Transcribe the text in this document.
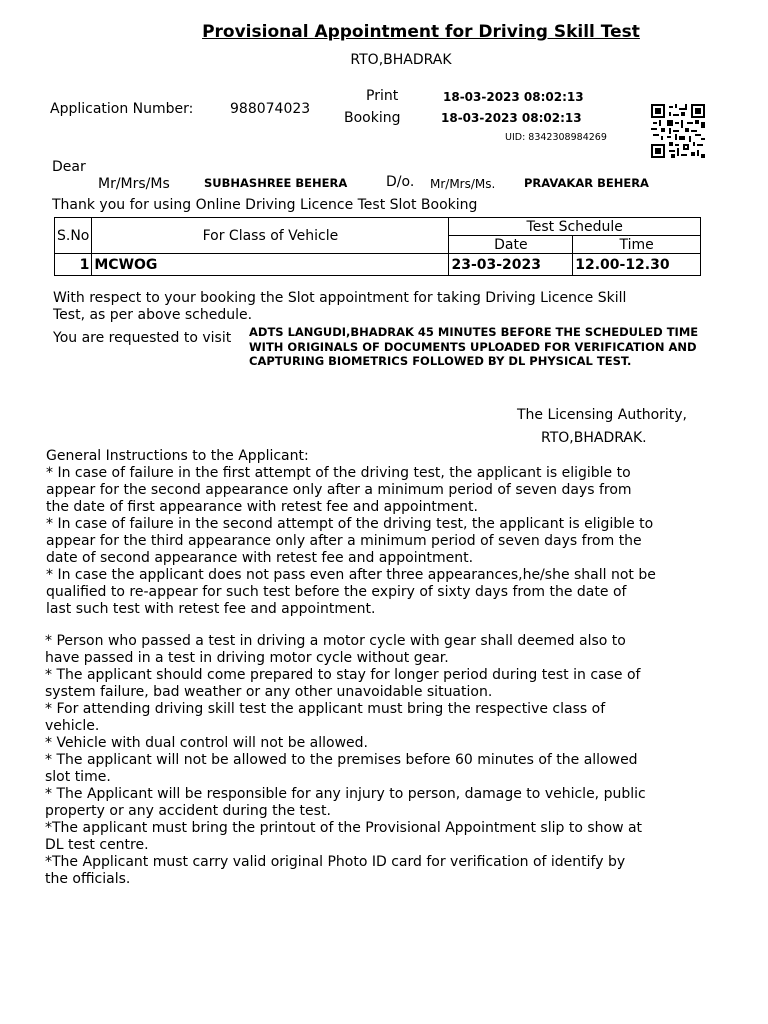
Provisional Appointment for Driving Skill Test
RTO,BHADRAK
Application Number:	988074023
Print	18-03-2023 08:02:13
Booking	18-03-2023 08:02:13
UID: 8342308984269
Dear
Mr/Mrs/Ms	SUBHASHREE BEHERA	D/o. Mr/Mrs/Ms. PRAVAKAR BEHERA
Thank you for using Online Driving Licence Test Slot Booking
S.No	For Class of Vehicle	Test Schedule	
		Date	Time
1	MCWOG	23-03-2023	12.00-12.30
With respect to your booking the Slot appointment for taking Driving Licence Skill
Test, as per above schedule.
You are requested to visit ADTS LANGUDI,BHADRAK 45 MINUTES BEFORE THE SCHEDULED TIME WITH ORIGINALS OF DOCUMENTS UPLOADED FOR VERIFICATION AND CAPTURING BIOMETRICS FOLLOWED BY DL PHYSICAL TEST.
The Licensing Authority,
RTO,BHADRAK.
General Instructions to the Applicant:
* In case of failure in the first attempt of the driving test, the applicant is eligible to
appear for the second appearance only after a minimum period of seven days from
the date of first appearance with retest fee and appointment.
* In case of failure in the second attempt of the driving test, the applicant is eligible to
appear for the third appearance only after a minimum period of seven days from the
date of second appearance with retest fee and appointment.
* In case the applicant does not pass even after three appearances,he/she shall not be
qualified to re-appear for such test before the expiry of sixty days from the date of
last such test with retest fee and appointment.
* Person who passed a test in driving a motor cycle with gear shall deemed also to
have passed in a test in driving motor cycle without gear.
* The applicant should come prepared to stay for longer period during test in case of
system failure, bad weather or any other unavoidable situation.
* For attending driving skill test the applicant must bring the respective class of
vehicle.
* Vehicle with dual control will not be allowed.
* The applicant will not be allowed to the premises before 60 minutes of the allowed
slot time.
* The Applicant will be responsible for any injury to person, damage to vehicle, public
property or any accident during the test.
*The applicant must bring the printout of the Provisional Appointment slip to show at
DL test centre.
*The Applicant must carry valid original Photo ID card for verification of identify by
the officials.
